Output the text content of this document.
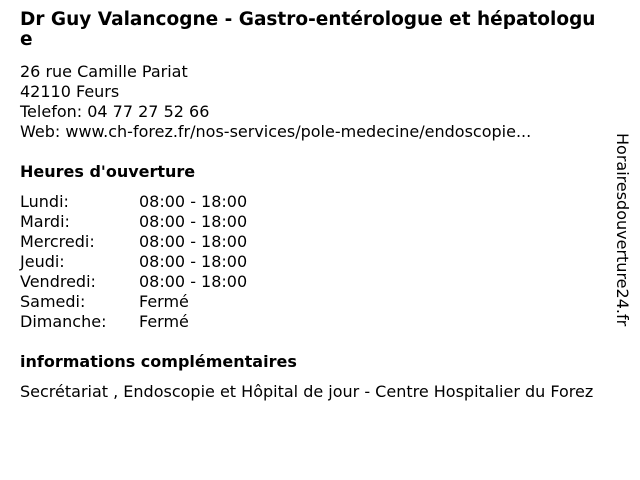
Dr Guy Valancogne - Gastro-entérologue et hépatologue
26 rue Camille Pariat
42110 Feurs
Telefon: 04 77 27 52 66
Web: www.ch-forez.fr/nos-services/pole-medecine/endoscopie...
Heures d'ouverture
Lundi:	08:00 - 18:00
Mardi:	08:00 - 18:00
Mercredi:	08:00 - 18:00
Jeudi:	08:00 - 18:00
Vendredi:	08:00 - 18:00
Samedi:	Fermé
Dimanche:	Fermé
informations complémentaires
Secrétariat , Endoscopie et Hôpital de jour - Centre Hospitalier du Forez
Horairesdouverture24.fr
